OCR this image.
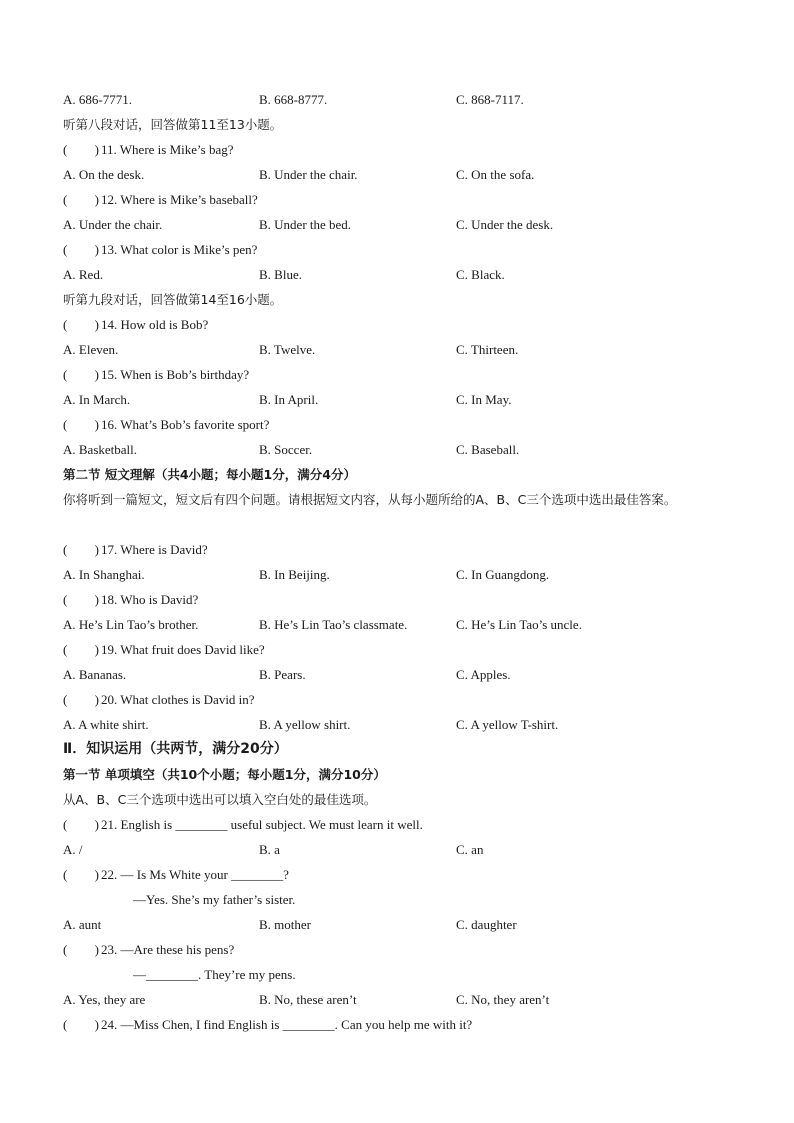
A. 686-7771.	B. 668-8777.	C. 868-7117.
听第八段对话，回答做第11至13小题。
( )11. Where is Mike’s bag?
A. On the desk.	B. Under the chair.	C. On the sofa.
( )12. Where is Mike’s baseball?
A. Under the chair.	B. Under the bed.	C. Under the desk.
( )13. What color is Mike’s pen?
A. Red.	B. Blue.	C. Black.
听第九段对话，回答做第14至16小题。
( )14. How old is Bob?
A. Eleven.	B. Twelve.	C. Thirteen.
( )15. When is Bob’s birthday?
A. In March.	B. In April.	C. In May.
( )16. What’s Bob’s favorite sport?
A. Basketball.	B. Soccer.	C. Baseball.
第二节 短文理解（共4小题；每小题1分，满分4分）
你将听到一篇短文，短文后有四个问题。请根据短文内容，从每小题所给的A、B、C三个选项中选出最佳答案。
( )17. Where is David?
A. In Shanghai.	B. In Beijing.	C. In Guangdong.
( )18. Who is David?
A. He’s Lin Tao’s brother.	B. He’s Lin Tao’s classmate.	C. He’s Lin Tao’s uncle.
( )19. What fruit does David like?
A. Bananas.	B. Pears.	C. Apples.
( )20. What clothes is David in?
A. A white shirt.	B. A yellow shirt.	C. A yellow T-shirt.
Ⅱ．知识运用（共两节，满分20分）
第一节 单项填空（共10个小题；每小题1分，满分10分）
从A、B、C三个选项中选出可以填入空白处的最佳选项。
( )21. English is ________ useful subject. We must learn it well.
A. /	B. a	C. an
( )22. — Is Ms White your ________?
—Yes. She’s my father’s sister.
A. aunt	B. mother	C. daughter
( )23. —Are these his pens?
—________. They’re my pens.
A. Yes, they are	B. No, these aren’t	C. No, they aren’t
( )24. —Miss Chen, I find English is ________. Can you help me with it?
